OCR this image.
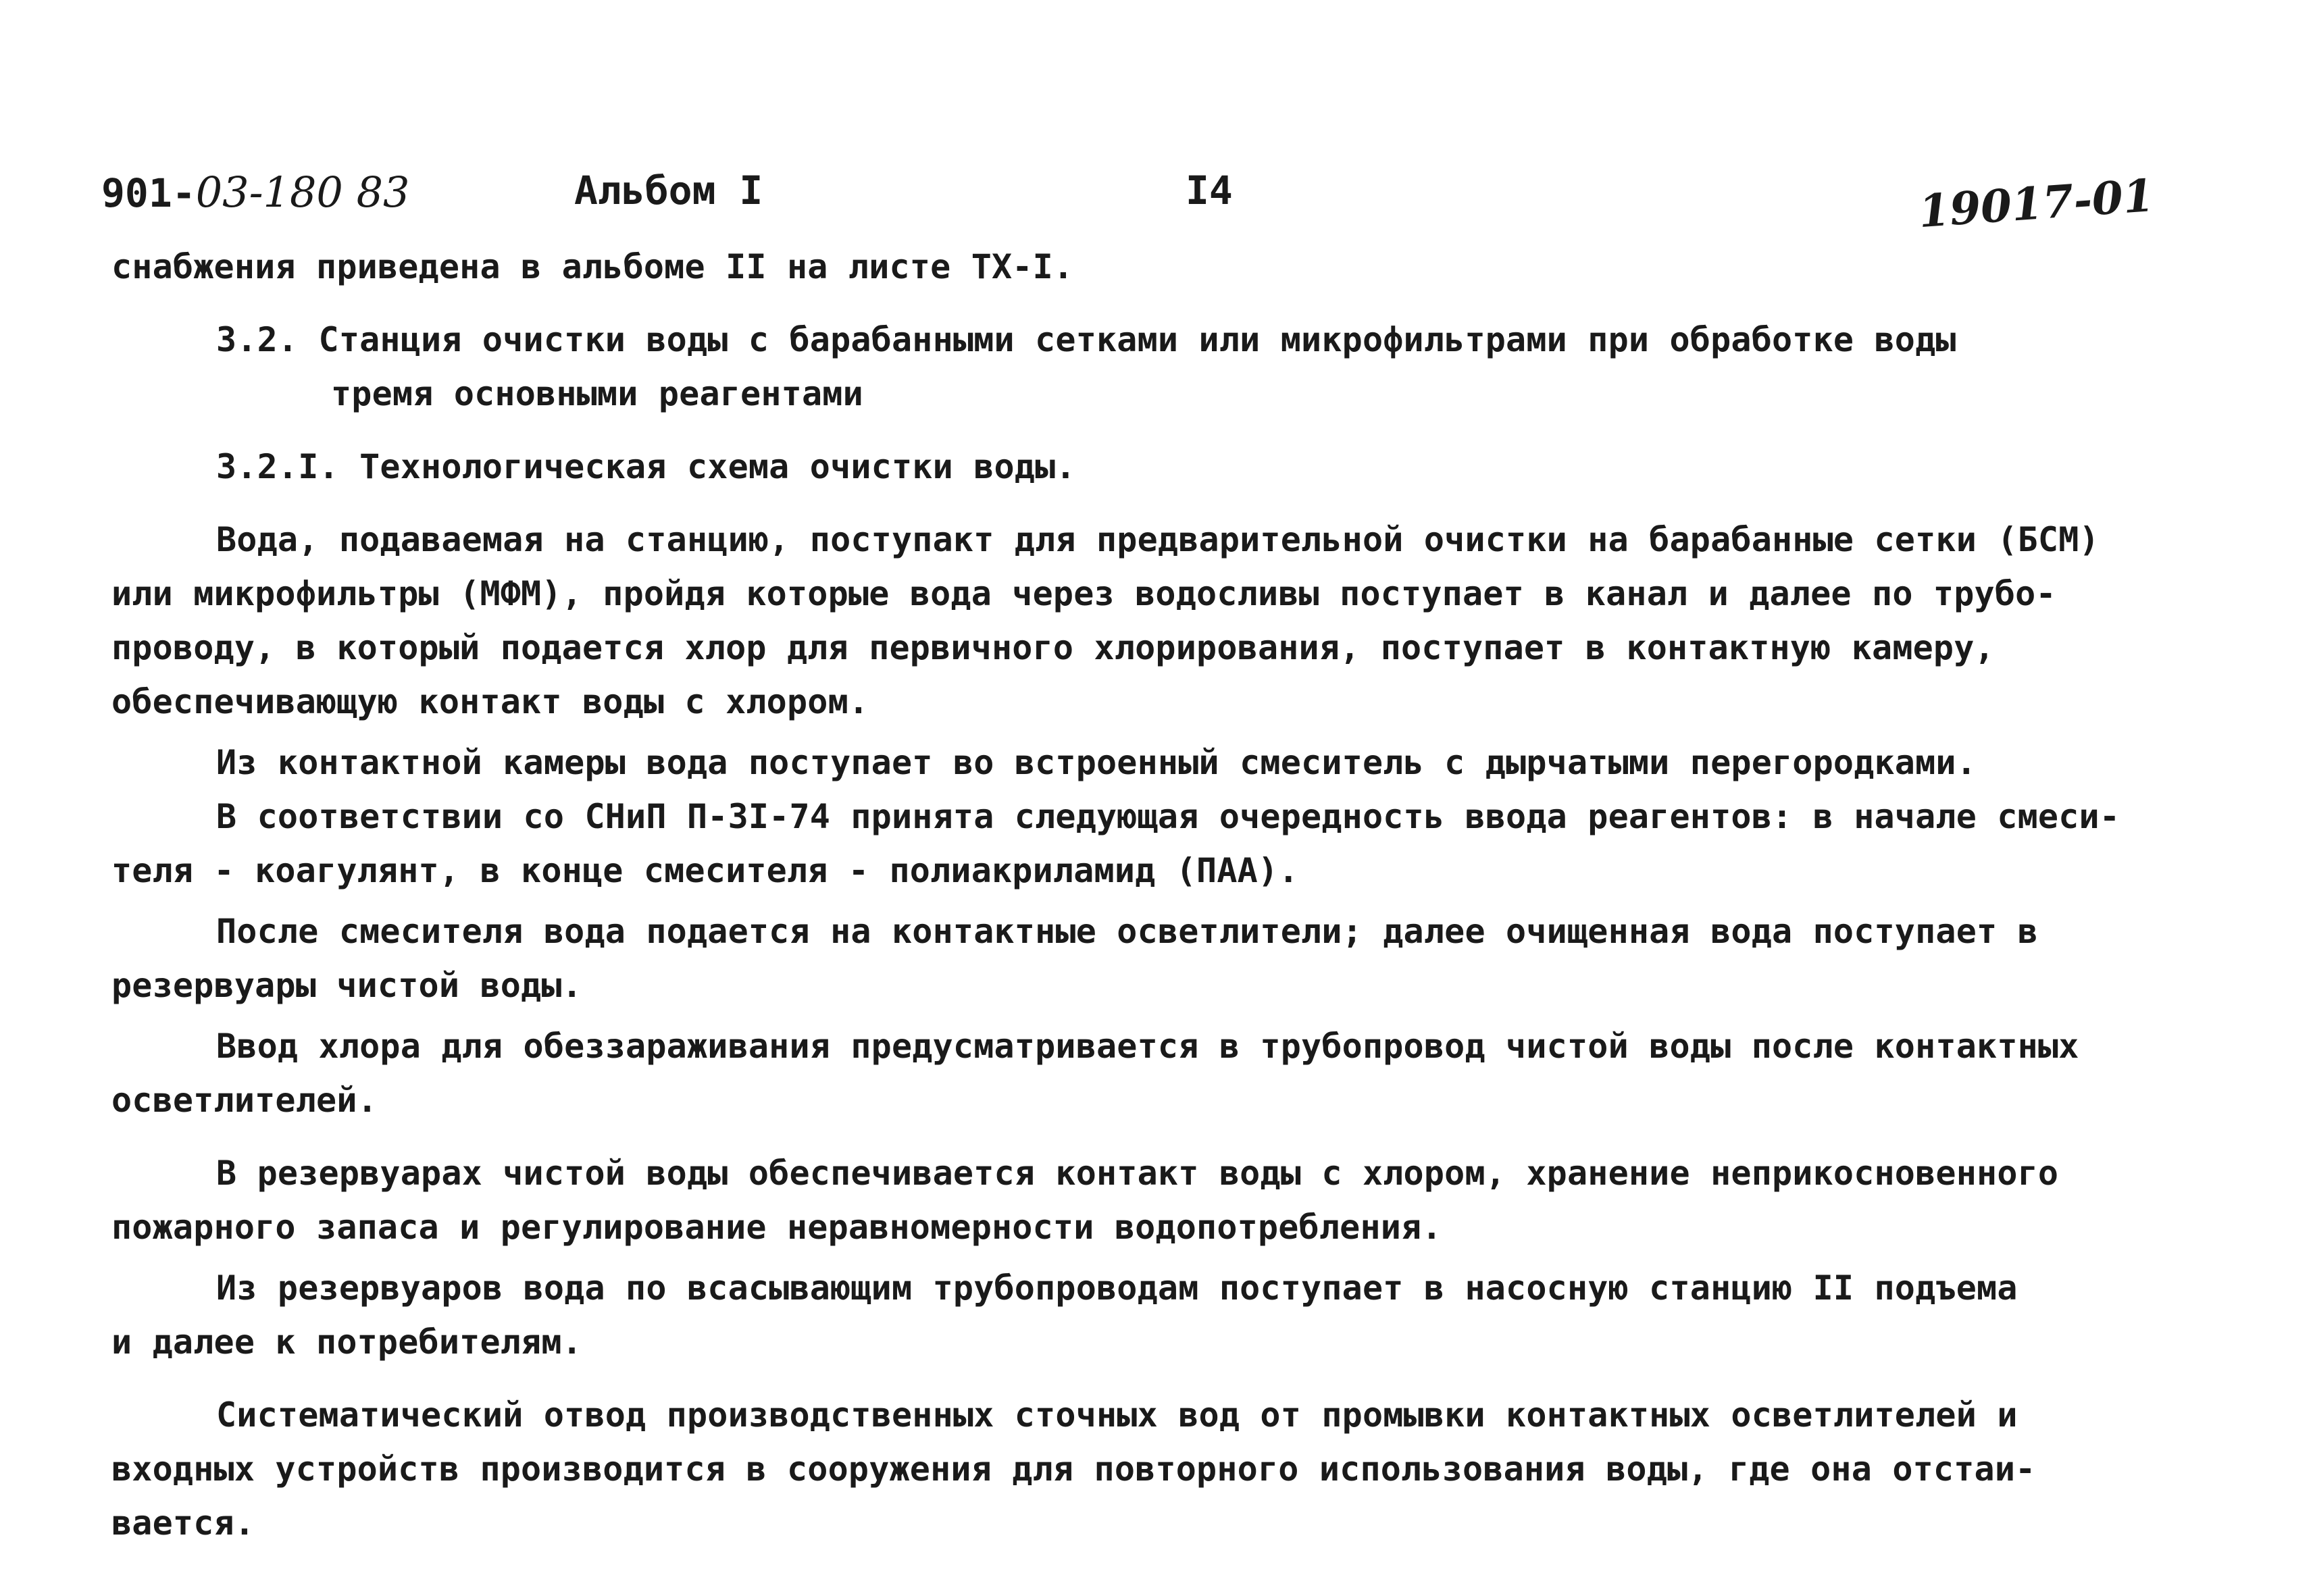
901-03-180 83	Альбом I	I4	19017-01
снабжения приведена в альбоме II на листе ТХ-I.
3.2. Станция очистки воды с барабанными сетками или микрофильтрами при обработке воды
тремя основными реагентами
3.2.I. Технологическая схема очистки воды.
Вода, подаваемая на станцию, поступакт для предварительной очистки на барабанные сетки (БСМ)
или микрофильтры (МФМ), пройдя которые вода через водосливы поступает в канал и далее по трубо-
проводу, в который подается хлор для первичного хлорирования, поступает в контактную камеру,
обеспечивающую контакт воды с хлором.
Из контактной камеры вода поступает во встроенный смеситель с дырчатыми перегородками.
В соответствии со СНиП П-3I-74 принята следующая очередность ввода реагентов: в начале смеси-
теля - коагулянт, в конце смесителя - полиакриламид (ПАА).
После смесителя вода подается на контактные осветлители; далее очищенная вода поступает в
резервуары чистой воды.
Ввод хлора для обеззараживания предусматривается в трубопровод чистой воды после контактных
осветлителей.
В резервуарах чистой воды обеспечивается контакт воды с хлором, хранение неприкосновенного
пожарного запаса и регулирование неравномерности водопотребления.
Из резервуаров вода по всасывающим трубопроводам поступает в насосную станцию II подъема
и далее к потребителям.
Систематический отвод производственных сточных вод от промывки контактных осветлителей и
входных устройств производится в сооружения для повторного использования воды, где она отстаи-
вается.
